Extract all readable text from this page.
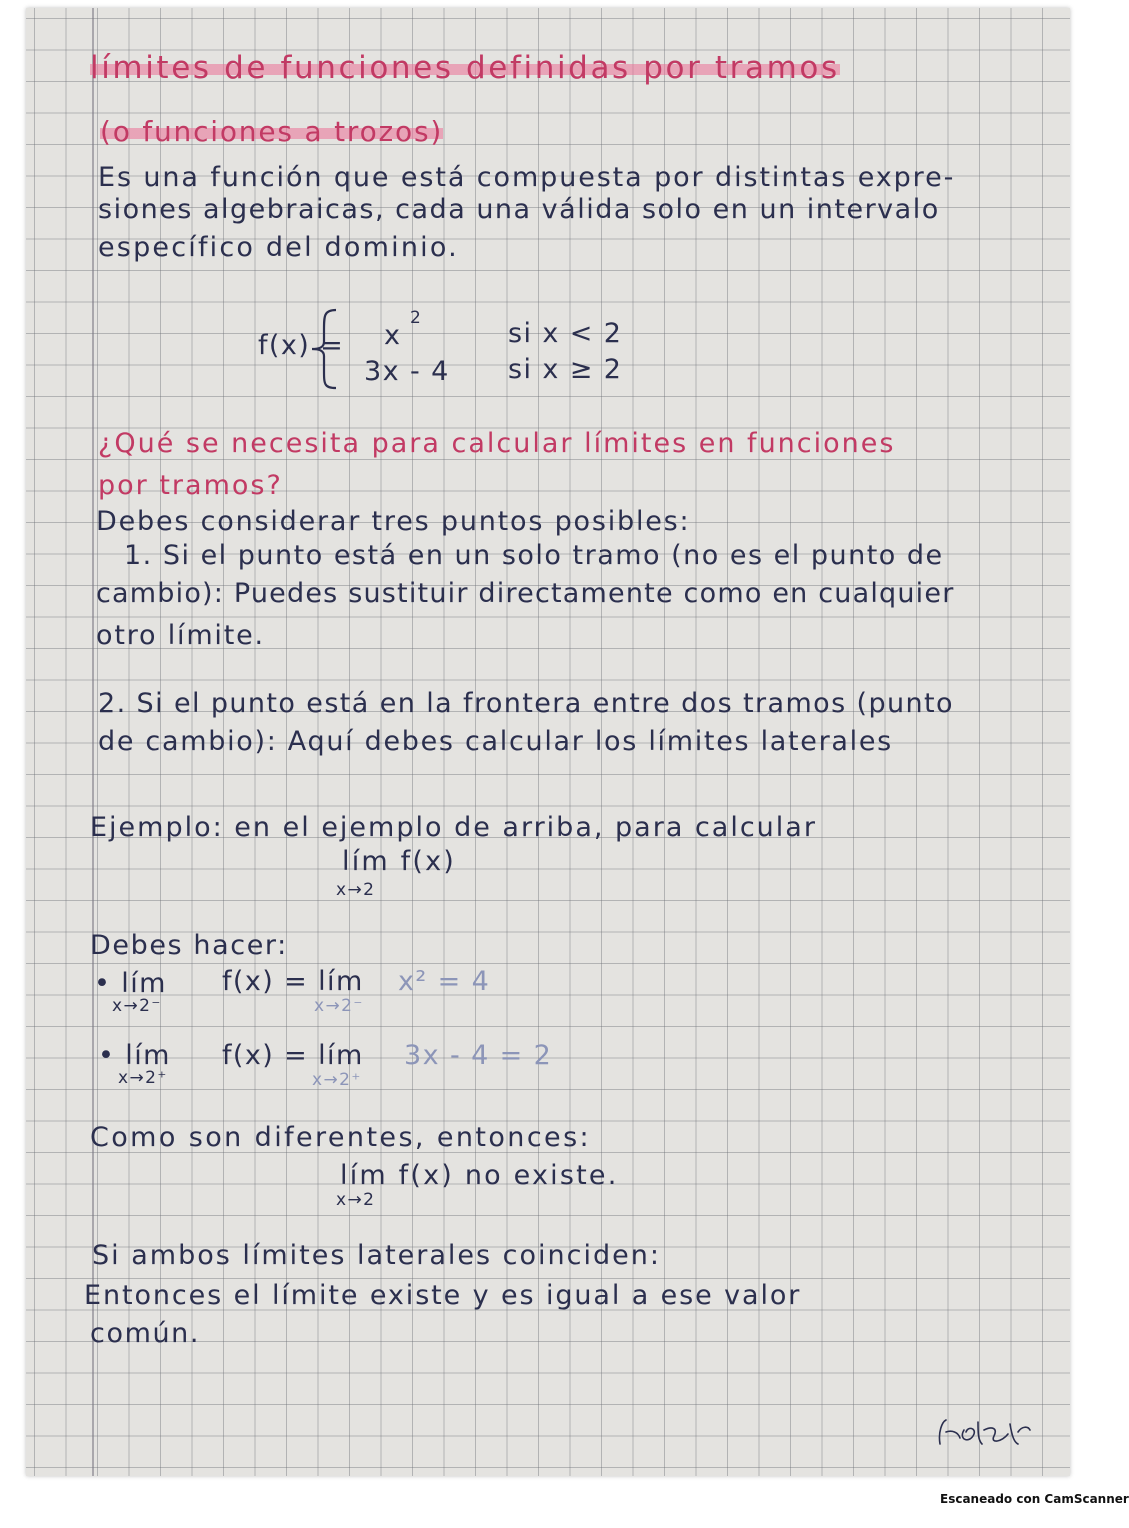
límites de funciones definidas por tramos
(o funciones a trozos)
Es una función que está compuesta por distintas expre-
siones algebraicas, cada una válida solo en un intervalo
específico del dominio.
f(x) = x
2	si x < 2
3x - 4 si x ≥ 2
¿Qué se necesita para calcular límites en funciones
por tramos?
Debes considerar tres puntos posibles:
1. Si el punto está en un solo tramo (no es el punto de
cambio): Puedes sustituir directamente como en cualquier
otro límite.
2. Si el punto está en la frontera entre dos tramos (punto
de cambio): Aquí debes calcular los límites laterales
Ejemplo: en el ejemplo de arriba, para calcular
lím f(x)
x→2
Debes hacer:
• lím
x→2⁻
f(x) = lím
x→2⁻
x² = 4
• lím
x→2⁺
f(x) = lím
x→2⁺
3x - 4 = 2
Como son diferentes, entonces:
lím f(x) no existe.
x→2
Si ambos límites laterales coinciden:
Entonces el límite existe y es igual a ese valor
común.
Escaneado con CamScanner
